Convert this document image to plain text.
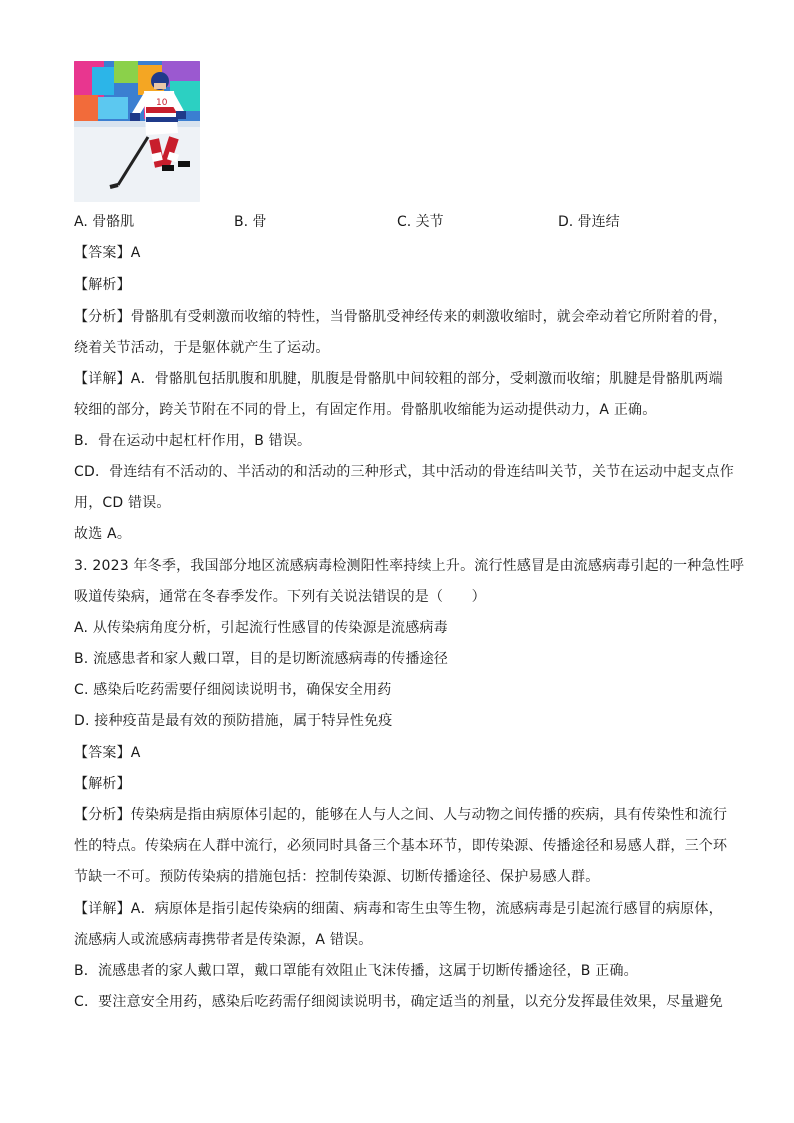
10
A. 骨骼肌	B. 骨	C. 关节	D. 骨连结
【答案】A
【解析】
【分析】骨骼肌有受刺激而收缩的特性，当骨骼肌受神经传来的刺激收缩时，就会牵动着它所附着的骨，
绕着关节活动，于是躯体就产生了运动。
【详解】A．骨骼肌包括肌腹和肌腱，肌腹是骨骼肌中间较粗的部分，受刺激而收缩；肌腱是骨骼肌两端
较细的部分，跨关节附在不同的骨上，有固定作用。骨骼肌收缩能为运动提供动力，A 正确。
B．骨在运动中起杠杆作用，B 错误。
CD．骨连结有不活动的、半活动的和活动的三种形式，其中活动的骨连结叫关节，关节在运动中起支点作
用，CD 错误。
故选 A。
3. 2023 年冬季，我国部分地区流感病毒检测阳性率持续上升。流行性感冒是由流感病毒引起的一种急性呼
吸道传染病，通常在冬春季发作。下列有关说法错误的是（　　）
A. 从传染病角度分析，引起流行性感冒的传染源是流感病毒
B. 流感患者和家人戴口罩，目的是切断流感病毒的传播途径
C. 感染后吃药需要仔细阅读说明书，确保安全用药
D. 接种疫苗是最有效的预防措施，属于特异性免疫
【答案】A
【解析】
【分析】传染病是指由病原体引起的，能够在人与人之间、人与动物之间传播的疾病，具有传染性和流行
性的特点。传染病在人群中流行，必须同时具备三个基本环节，即传染源、传播途径和易感人群，三个环
节缺一不可。预防传染病的措施包括：控制传染源、切断传播途径、保护易感人群。
【详解】A．病原体是指引起传染病的细菌、病毒和寄生虫等生物，流感病毒是引起流行感冒的病原体，
流感病人或流感病毒携带者是传染源，A 错误。
B．流感患者的家人戴口罩，戴口罩能有效阻止飞沫传播，这属于切断传播途径，B 正确。
C．要注意安全用药，感染后吃药需仔细阅读说明书，确定适当的剂量，以充分发挥最佳效果，尽量避免
